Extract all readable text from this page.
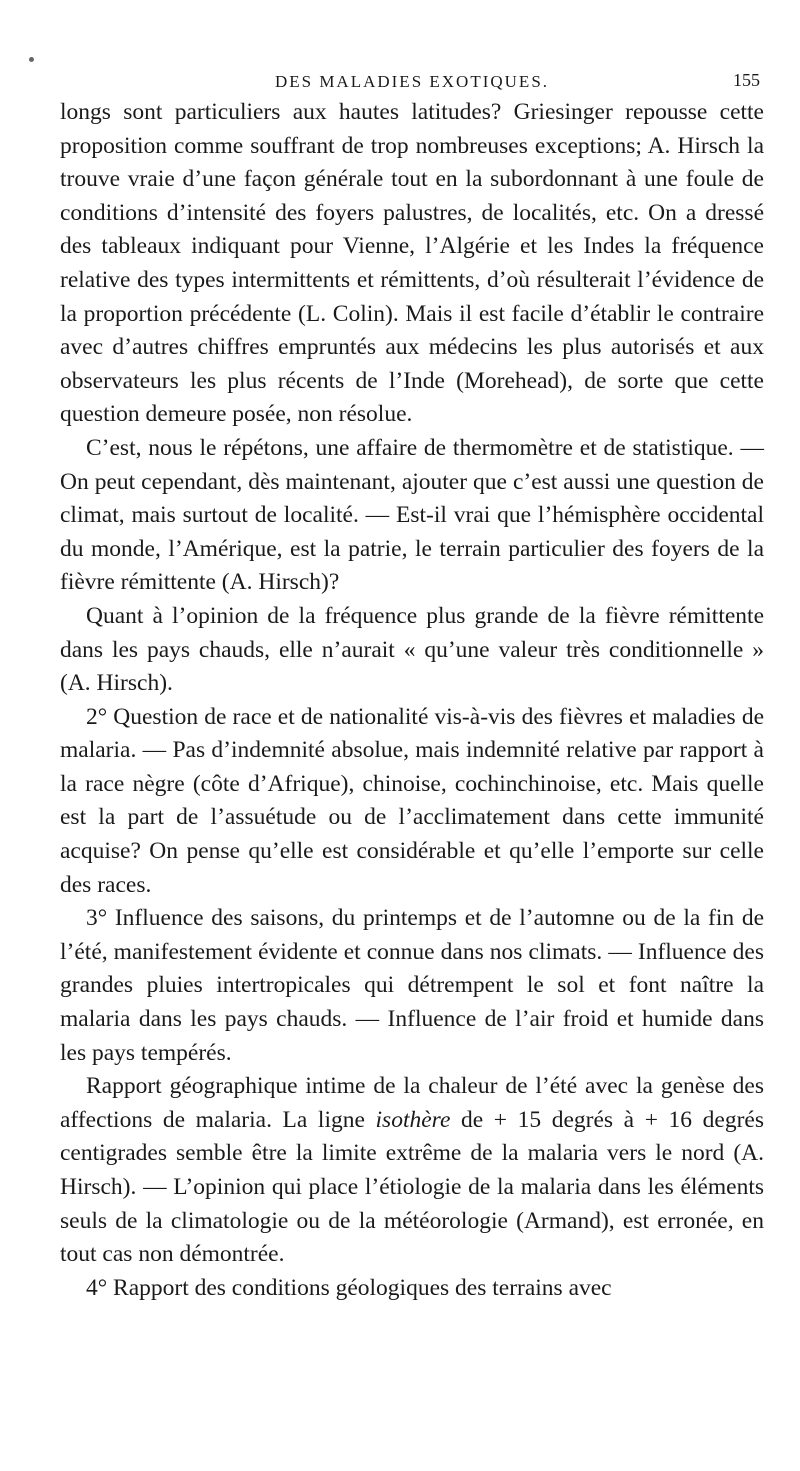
DES MALADIES EXOTIQUES.	155

longs sont particuliers aux hautes latitudes? Griesinger repousse cette proposition comme souffrant de trop nombreuses exceptions; A. Hirsch la trouve vraie d’une façon générale tout en la subordonnant à une foule de conditions d’intensité des foyers palustres, de localités, etc. On a dressé des tableaux indiquant pour Vienne, l’Algérie et les Indes la fréquence relative des types intermittents et rémittents, d’où résulterait l’évidence de la proportion précédente (L. Colin). Mais il est facile d’établir le contraire avec d’autres chiffres empruntés aux médecins les plus autorisés et aux observateurs les plus récents de l’Inde (Morehead), de sorte que cette question demeure posée, non résolue.

C’est, nous le répétons, une affaire de thermomètre et de statistique. — On peut cependant, dès maintenant, ajouter que c’est aussi une question de climat, mais surtout de localité. — Est-il vrai que l’hémisphère occidental du monde, l’Amérique, est la patrie, le terrain particulier des foyers de la fièvre rémittente (A. Hirsch)?

Quant à l’opinion de la fréquence plus grande de la fièvre rémittente dans les pays chauds, elle n’aurait « qu’une valeur très conditionnelle » (A. Hirsch).

2° Question de race et de nationalité vis-à-vis des fièvres et maladies de malaria. — Pas d’indemnité absolue, mais indemnité relative par rapport à la race nègre (côte d’Afrique), chinoise, cochinchinoise, etc. Mais quelle est la part de l’assuétude ou de l’acclimatement dans cette immunité acquise? On pense qu’elle est considérable et qu’elle l’emporte sur celle des races.

3° Influence des saisons, du printemps et de l’automne ou de la fin de l’été, manifestement évidente et connue dans nos climats. — Influence des grandes pluies intertropicales qui détrempent le sol et font naître la malaria dans les pays chauds. — Influence de l’air froid et humide dans les pays tempérés.

Rapport géographique intime de la chaleur de l’été avec la genèse des affections de malaria. La ligne isothère de + 15 degrés à + 16 degrés centigrades semble être la limite extrême de la malaria vers le nord (A. Hirsch). — L’opinion qui place l’étiologie de la malaria dans les éléments seuls de la climatologie ou de la météorologie (Armand), est erronée, en tout cas non démontrée.

4° Rapport des conditions géologiques des terrains avec
